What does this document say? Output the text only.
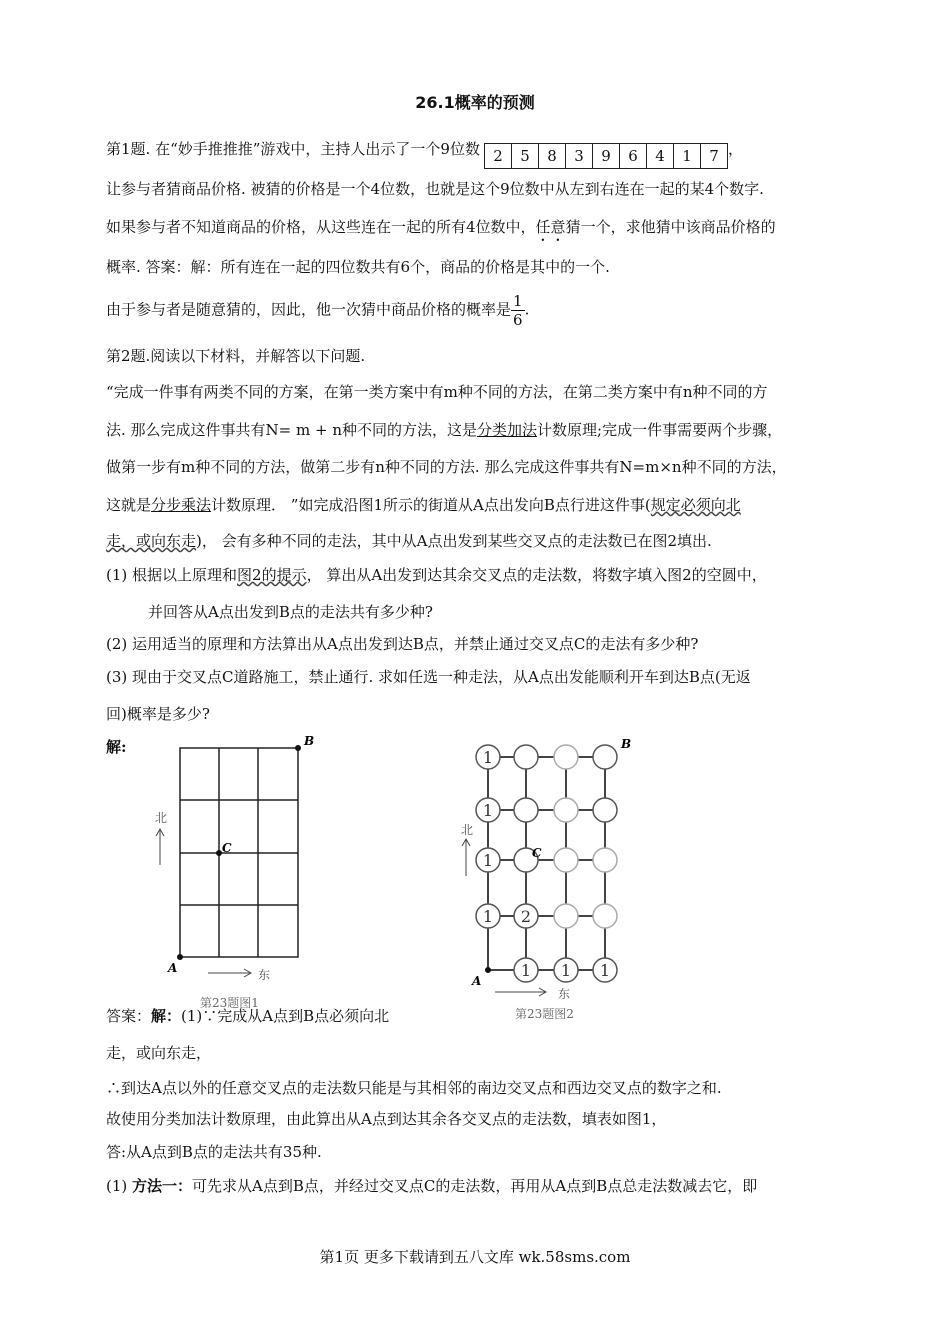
26.1概率的预测
第1题. 在“妙手推推推”游戏中，主持人出示了一个9位数 2	5	8	3	9	6	4	1	7 ，
让参与者猜商品价格. 被猜的价格是一个4位数，也就是这个9位数中从左到右连在一起的某4个数字.
如果参与者不知道商品的价格，从这些连在一起的所有4位数中，任意猜一个，求他猜中该商品价格的
概率. 答案：解：所有连在一起的四位数共有6个，商品的价格是其中的一个.
由于参与者是随意猜的，因此，他一次猜中商品价格的概率是 $\frac{1}{6}$ .
第2题.阅读以下材料，并解答以下问题.
“完成一件事有两类不同的方案，在第一类方案中有m种不同的方法，在第二类方案中有n种不同的方
法. 那么完成这件事共有N= m + n种不同的方法，这是分类加法计数原理;完成一件事需要两个步骤，
做第一步有m种不同的方法，做第二步有n种不同的方法. 那么完成这件事共有N=m×n种不同的方法，
这就是分步乘法计数原理． ”如完成沿图1所示的街道从A点出发向B点行进这件事(规定必须向北
走，或向东走)， 会有多种不同的走法，其中从A点出发到某些交叉点的走法数已在图2填出.
(1) 根据以上原理和图2的提示， 算出从A出发到达其余交叉点的走法数，将数字填入图2的空圆中，
并回答从A点出发到B点的走法共有多少种?
(2) 运用适当的原理和方法算出从A点出发到达B点，并禁止通过交叉点C的走法有多少种?
(3) 现由于交叉点C道路施工，禁止通行. 求如任选一种走法，从A点出发能顺利开车到达B点(无返
回)概率是多少?
解:
A
B
C
北
东
第23题图1
1
1
1
1 2
1 1 1
A
B
C
北
东
第23题图2
答案：解：(1)∵完成从A点到B点必须向北
走，或向东走，
∴到达A点以外的任意交叉点的走法数只能是与其相邻的南边交叉点和西边交叉点的数字之和.
故使用分类加法计数原理，由此算出从A点到达其余各交叉点的走法数，填表如图1，
答:从A点到B点的走法共有35种.
(1) 方法一：可先求从A点到B点，并经过交叉点C的走法数，再用从A点到B点总走法数减去它，即
第1页 更多下载请到五八文库 wk.58sms.com
